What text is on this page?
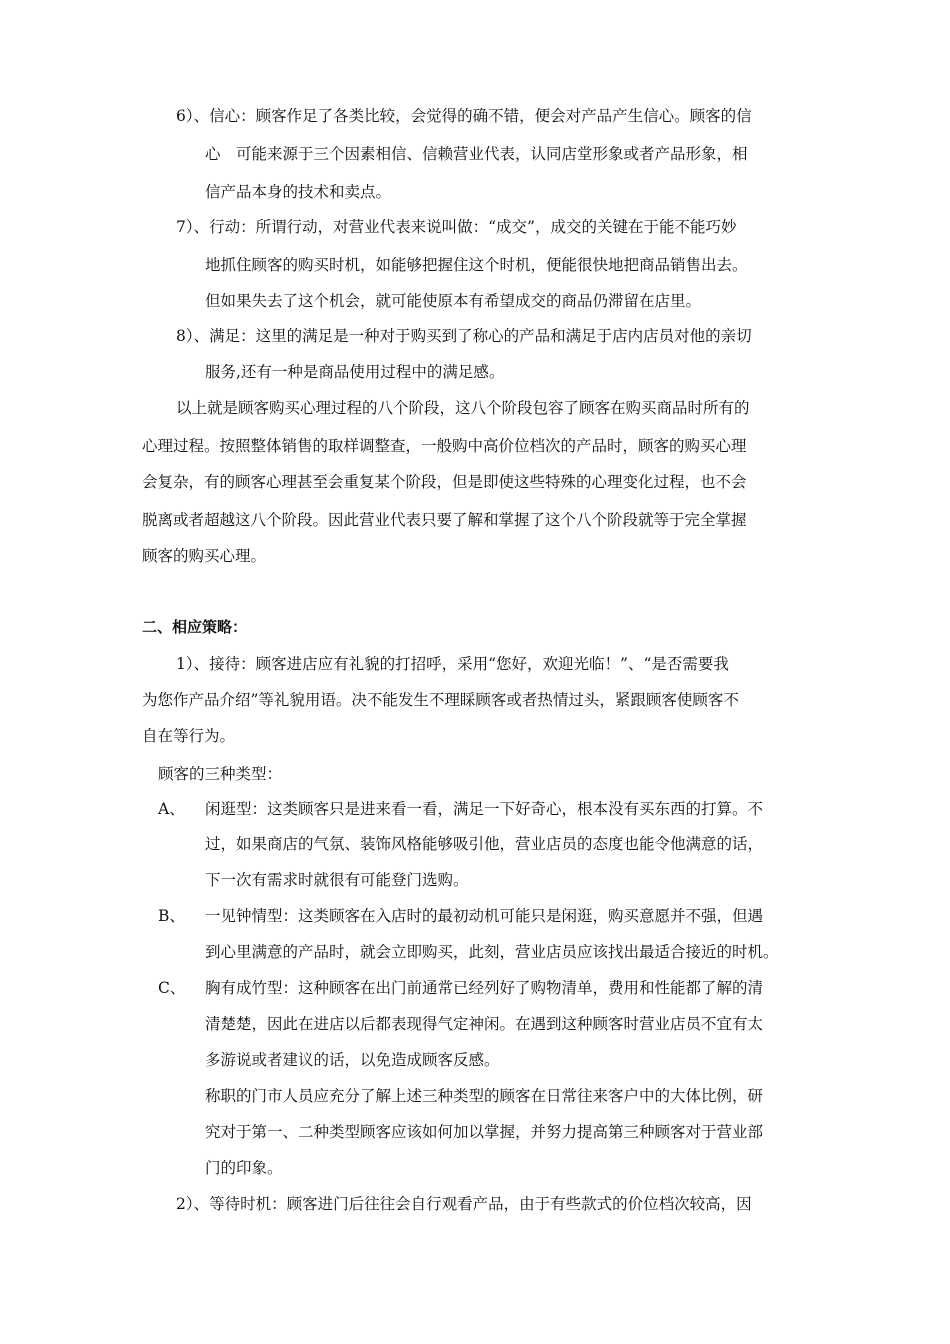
6）、信心：顾客作足了各类比较，会觉得的确不错，便会对产品产生信心。顾客的信
心　可能来源于三个因素相信、信赖营业代表，认同店堂形象或者产品形象，相
信产品本身的技术和卖点。
7）、行动：所谓行动，对营业代表来说叫做：“成交”，成交的关键在于能不能巧妙
地抓住顾客的购买时机，如能够把握住这个时机，便能很快地把商品销售出去。
但如果失去了这个机会，就可能使原本有希望成交的商品仍滞留在店里。
8）、满足：这里的满足是一种对于购买到了称心的产品和满足于店内店员对他的亲切
服务,还有一种是商品使用过程中的满足感。
以上就是顾客购买心理过程的八个阶段，这八个阶段包容了顾客在购买商品时所有的
心理过程。按照整体销售的取样调整查，一般购中高价位档次的产品时，顾客的购买心理
会复杂，有的顾客心理甚至会重复某个阶段，但是即使这些特殊的心理变化过程，也不会
脱离或者超越这八个阶段。因此营业代表只要了解和掌握了这个八个阶段就等于完全掌握
顾客的购买心理。
二、相应策略：
1）、接待：顾客进店应有礼貌的打招呼，采用“您好，欢迎光临！”、“是否需要我
为您作产品介绍”等礼貌用语。决不能发生不理睬顾客或者热情过头，紧跟顾客使顾客不
自在等行为。
顾客的三种类型：
A、 闲逛型：这类顾客只是进来看一看，满足一下好奇心，根本没有买东西的打算。不
过，如果商店的气氛、装饰风格能够吸引他，营业店员的态度也能令他满意的话，
下一次有需求时就很有可能登门选购。
B、 一见钟情型：这类顾客在入店时的最初动机可能只是闲逛，购买意愿并不强，但遇
到心里满意的产品时，就会立即购买，此刻，营业店员应该找出最适合接近的时机。
C、 胸有成竹型：这种顾客在出门前通常已经列好了购物清单，费用和性能都了解的清
清楚楚，因此在进店以后都表现得气定神闲。在遇到这种顾客时营业店员不宜有太
多游说或者建议的话，以免造成顾客反感。
称职的门市人员应充分了解上述三种类型的顾客在日常往来客户中的大体比例，研
究对于第一、二种类型顾客应该如何加以掌握，并努力提高第三种顾客对于营业部
门的印象。
2）、等待时机：顾客进门后往往会自行观看产品，由于有些款式的价位档次较高，因
